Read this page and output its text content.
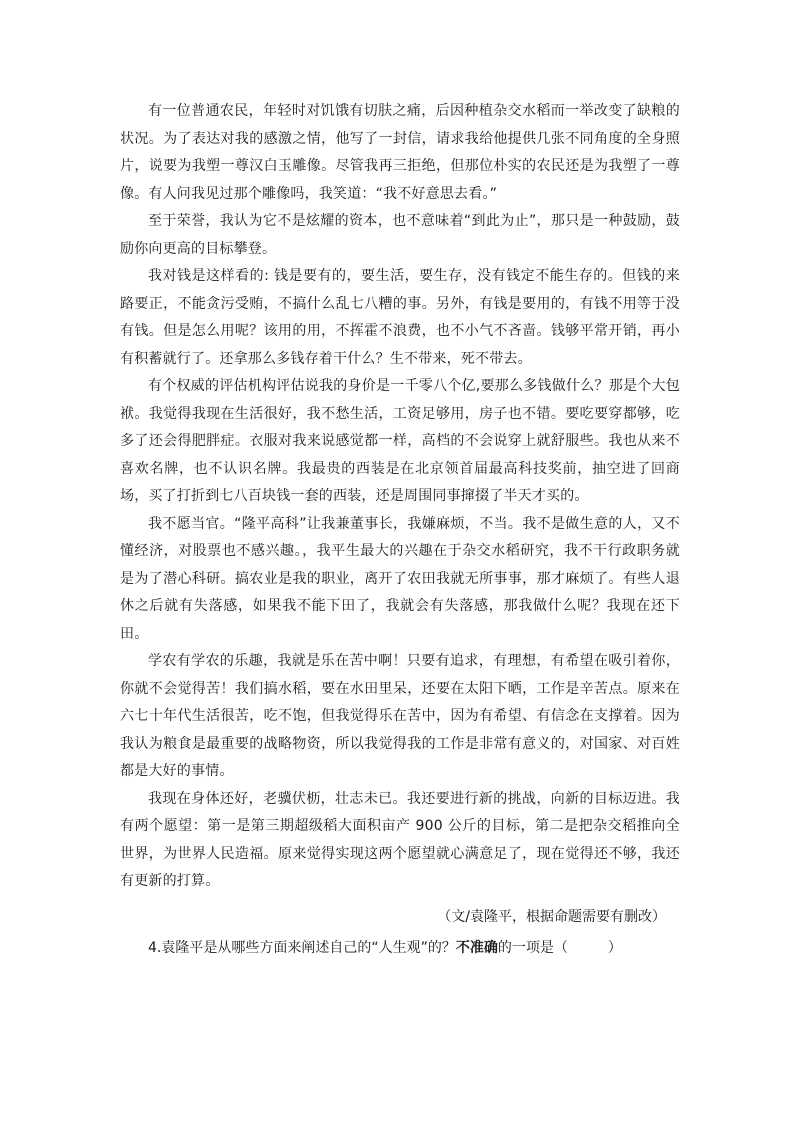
有一位普通农民，年轻时对饥饿有切肤之痛，后因种植杂交水稻而一举改变了缺粮的状况。为了表达对我的感激之情，他写了一封信，请求我给他提供几张不同角度的全身照片，说要为我塑一尊汉白玉雕像。尽管我再三拒绝，但那位朴实的农民还是为我塑了一尊像。有人问我见过那个雕像吗，我笑道：“我不好意思去看。”

至于荣誉，我认为它不是炫耀的资本，也不意味着“到此为止”，那只是一种鼓励，鼓励你向更高的目标攀登。

我对钱是这样看的: 钱是要有的，要生活，要生存，没有钱定不能生存的。但钱的来路要正，不能贪污受贿，不搞什么乱七八糟的事。另外，有钱是要用的，有钱不用等于没有钱。但是怎么用呢？该用的用，不挥霍不浪费，也不小气不吝啬。钱够平常开销，再小有积蓄就行了。还拿那么多钱存着干什么？生不带来，死不带去。

有个权威的评估机构评估说我的身价是一千零八个亿,要那么多钱做什么？那是个大包袱。我觉得我现在生活很好，我不愁生活，工资足够用，房子也不错。要吃要穿都够，吃多了还会得肥胖症。衣服对我来说感觉都一样，高档的不会说穿上就舒服些。我也从来不喜欢名牌，也不认识名牌。我最贵的西装是在北京领首届最高科技奖前，抽空进了回商场，买了打折到七八百块钱一套的西装，还是周围同事撺掇了半天才买的。

我不愿当官。“隆平高科”让我兼董事长，我嫌麻烦，不当。我不是做生意的人，又不懂经济，对股票也不感兴趣。，我平生最大的兴趣在于杂交水稻研究，我不干行政职务就是为了潜心科研。搞农业是我的职业，离开了农田我就无所事事，那才麻烦了。有些人退休之后就有失落感，如果我不能下田了，我就会有失落感，那我做什么呢？我现在还下田。

学农有学农的乐趣，我就是乐在苦中啊！只要有追求，有理想，有希望在吸引着你，你就不会觉得苦！我们搞水稻，要在水田里呆，还要在太阳下晒，工作是辛苦点。原来在六七十年代生活很苦，吃不饱，但我觉得乐在苦中，因为有希望、有信念在支撑着。因为我认为粮食是最重要的战略物资，所以我觉得我的工作是非常有意义的，对国家、对百姓都是大好的事情。

我现在身体还好，老骥伏枥，壮志未已。我还要进行新的挑战，向新的目标迈进。我有两个愿望：第一是第三期超级稻大面积亩产 900 公斤的目标，第二是把杂交稻推向全世界，为世界人民造福。原来觉得实现这两个愿望就心满意足了，现在觉得还不够，我还有更新的打算。

（文/袁隆平，根据命题需要有删改）

4.袁隆平是从哪些方面来阐述自己的“人生观”的？不准确的一项是（	）
